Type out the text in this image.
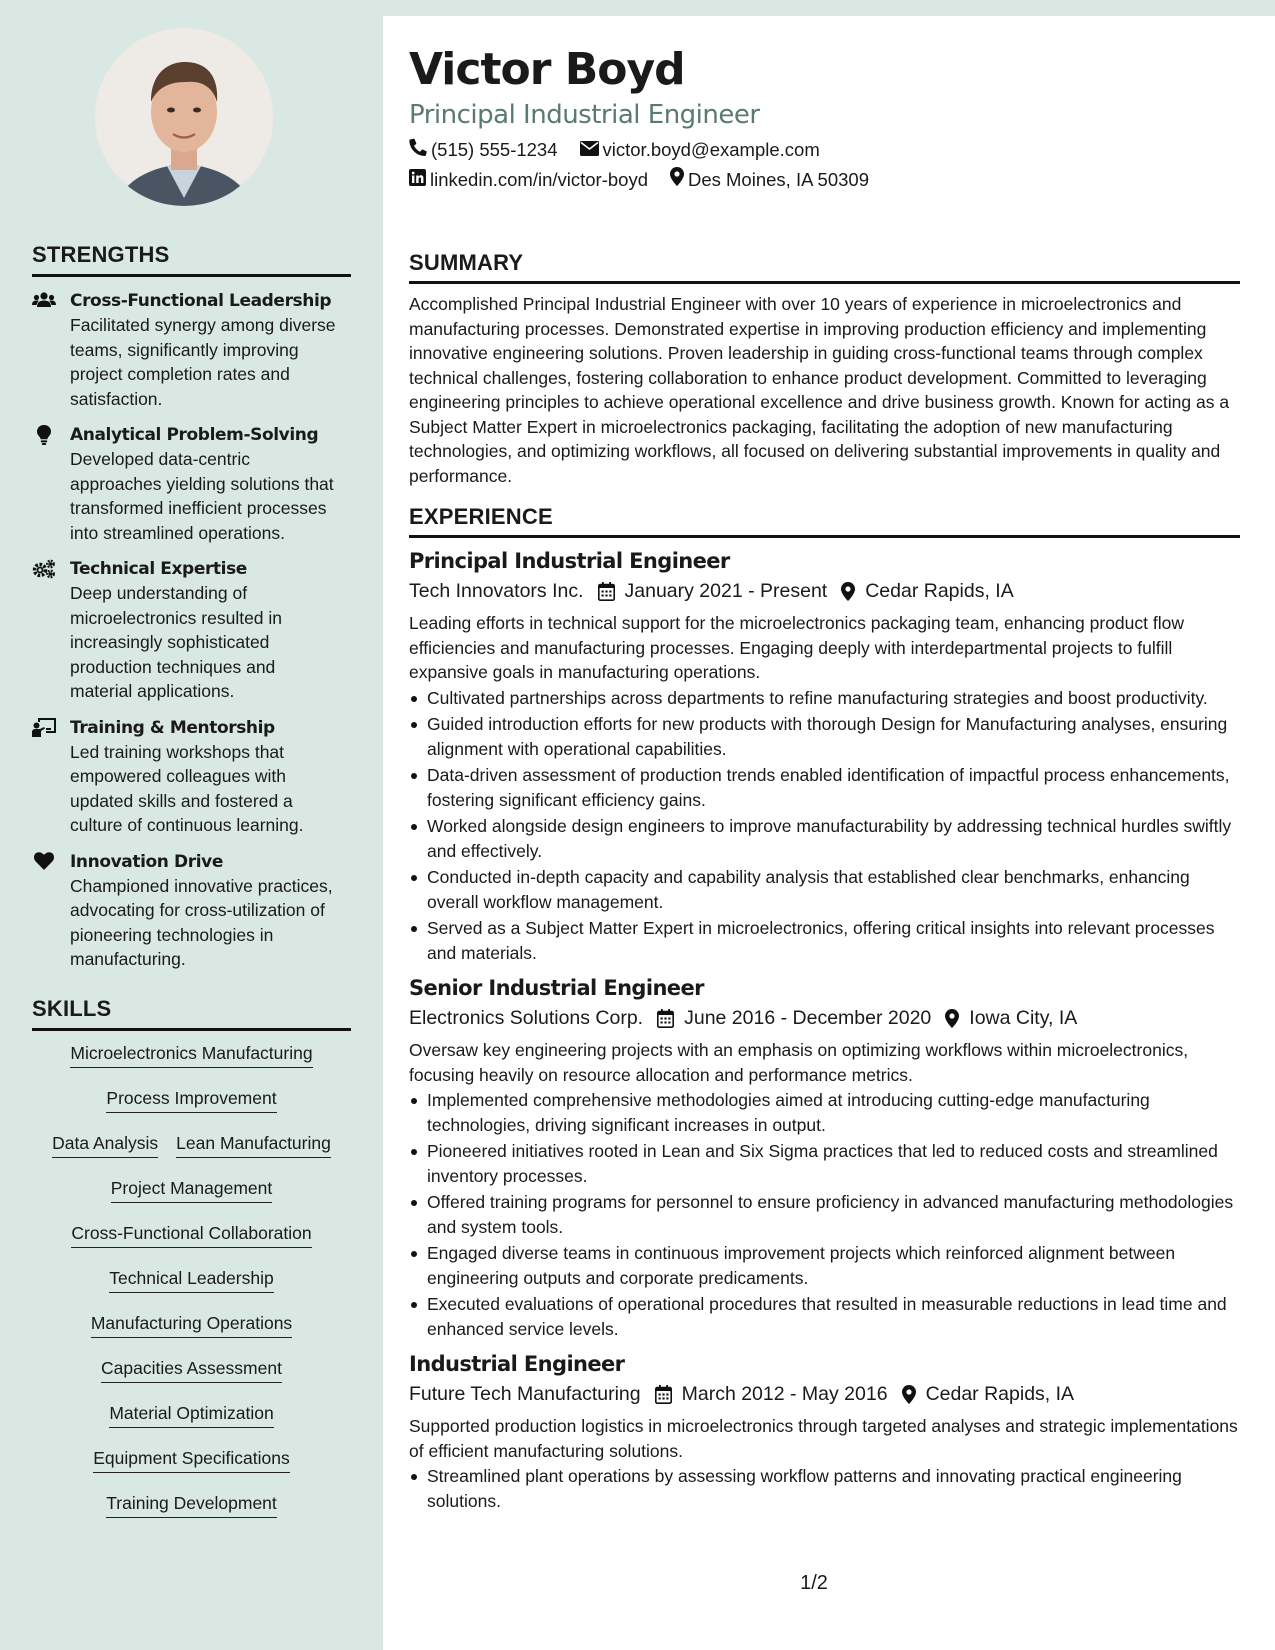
STRENGTHS
Cross-Functional Leadership
Facilitated synergy among diverse teams, significantly improving project completion rates and satisfaction.
Analytical Problem-Solving
Developed data-centric approaches yielding solutions that transformed inefficient processes into streamlined operations.
Technical Expertise
Deep understanding of microelectronics resulted in increasingly sophisticated production techniques and material applications.
Training & Mentorship
Led training workshops that empowered colleagues with updated skills and fostered a culture of continuous learning.
Innovation Drive
Championed innovative practices, advocating for cross-utilization of pioneering technologies in manufacturing.
SKILLS
Microelectronics Manufacturing
Process Improvement
Data Analysis Lean Manufacturing
Project Management
Cross-Functional Collaboration
Technical Leadership
Manufacturing Operations
Capacities Assessment
Material Optimization
Equipment Specifications
Training Development
Victor Boyd
Principal Industrial Engineer
(515) 555-1234 victor.boyd@example.com
linkedin.com/in/victor-boyd Des Moines, IA 50309
SUMMARY
Accomplished Principal Industrial Engineer with over 10 years of experience in microelectronics and manufacturing processes. Demonstrated expertise in improving production efficiency and implementing innovative engineering solutions. Proven leadership in guiding cross-functional teams through complex technical challenges, fostering collaboration to enhance product development. Committed to leveraging engineering principles to achieve operational excellence and drive business growth. Known for acting as a Subject Matter Expert in microelectronics packaging, facilitating the adoption of new manufacturing technologies, and optimizing workflows, all focused on delivering substantial improvements in quality and performance.
EXPERIENCE
Principal Industrial Engineer
Tech Innovators Inc. January 2021 - Present Cedar Rapids, IA
Leading efforts in technical support for the microelectronics packaging team, enhancing product flow efficiencies and manufacturing processes. Engaging deeply with interdepartmental projects to fulfill expansive goals in manufacturing operations.
Cultivated partnerships across departments to refine manufacturing strategies and boost productivity.
Guided introduction efforts for new products with thorough Design for Manufacturing analyses, ensuring alignment with operational capabilities.
Data-driven assessment of production trends enabled identification of impactful process enhancements, fostering significant efficiency gains.
Worked alongside design engineers to improve manufacturability by addressing technical hurdles swiftly and effectively.
Conducted in-depth capacity and capability analysis that established clear benchmarks, enhancing overall workflow management.
Served as a Subject Matter Expert in microelectronics, offering critical insights into relevant processes and materials.
Senior Industrial Engineer
Electronics Solutions Corp. June 2016 - December 2020 Iowa City, IA
Oversaw key engineering projects with an emphasis on optimizing workflows within microelectronics, focusing heavily on resource allocation and performance metrics.
Implemented comprehensive methodologies aimed at introducing cutting-edge manufacturing technologies, driving significant increases in output.
Pioneered initiatives rooted in Lean and Six Sigma practices that led to reduced costs and streamlined inventory processes.
Offered training programs for personnel to ensure proficiency in advanced manufacturing methodologies and system tools.
Engaged diverse teams in continuous improvement projects which reinforced alignment between engineering outputs and corporate predicaments.
Executed evaluations of operational procedures that resulted in measurable reductions in lead time and enhanced service levels.
Industrial Engineer
Future Tech Manufacturing March 2012 - May 2016 Cedar Rapids, IA
Supported production logistics in microelectronics through targeted analyses and strategic implementations of efficient manufacturing solutions.
Streamlined plant operations by assessing workflow patterns and innovating practical engineering solutions.
1/2
